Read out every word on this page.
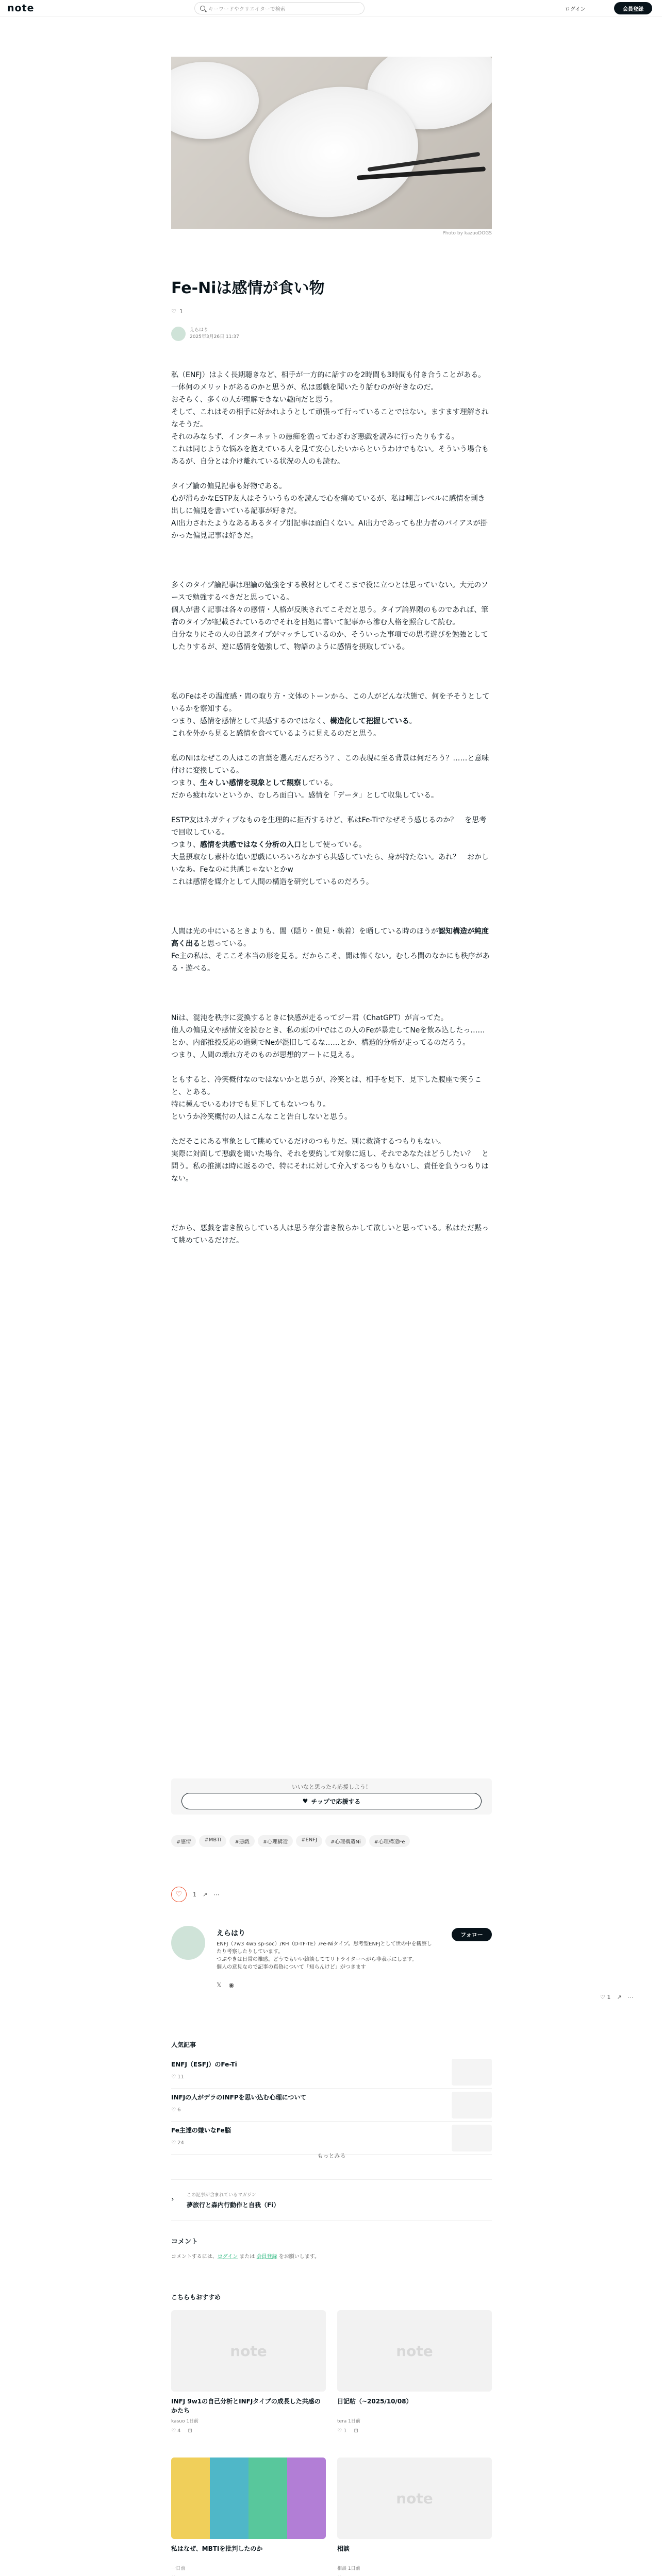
note	キーワードやクリエイターで検索	ログイン	会員登録
Photo by kazuoDOGS
Fe-Niは感情が食い物
♡ 1
えらはり
2025年3月26日 11:37

私（ENFJ）はよく長期聴きなど、相手が一方的に話すのを2時間も3時間も付き合うことがある。一体何のメリットがあるのかと思うが、私は悪戯を聞いたり話むのが好きなのだ。
おそらく、多くの人が理解できない趣向だと思う。
そして、これはその相手に好かれようとして頑張って行っていることではない。ますます理解されなそうだ。
それのみならず、インターネットの愚痴を漁ってわざわざ悪戯を読みに行ったりもする。
これは同じような悩みを抱えている人を見て安心したいからというわけでもない。そういう場合もあるが、自分とは介け離れている状況の人のも読む。

タイプ論の偏見記事も好物である。
心が滑らかなESTP友人はそういうものを読んで心を痛めているが、私は嘲言レベルに感情を剥き出しに偏見を書いている記事が好きだ。
AI出力されたようなあるあるタイプ別記事は面白くない。AI出力であっても出力者のバイアスが掛かった偏見記事は好きだ。

多くのタイプ論記事は理論の勉強をする教材としてそこまで役に立つとは思っていない。大元のソースで勉強するべきだと思っている。
個人が書く記事は各々の感情・人格が反映されてこそだと思う。タイプ論界隈のものであれば、筆者のタイプが記載されているのでそれを目処に書いて記事から滲む人格を照合して読む。
自分なりにその人の自認タイプがマッチしているのか、そういった事項での思考遊びを勉強としてしたりするが、逆に感情を勉強して、物語のように感情を摂取している。

私のFeはその温度感・間の取り方・文体のトーンから、この人がどんな状態で、何を予そうとしているかを察知する。
つまり、感情を感情として共感するのではなく、構造化して把握している。
これを外から見ると感情を食べているように見えるのだと思う。

私のNiはなぜこの人はこの言葉を選んだんだろう？、この表現に至る背景は何だろう？……と意味付けに変換している。
つまり、生々しい感情を現象として観察している。
だから疲れないというか、むしろ面白い。感情を「データ」として収集している。

ESTP友はネガティブなものを生理的に拒否するけど、私はFe-Tiでなぜそう感じるのか？　を思考で回収している。
つまり、感情を共感ではなく分析の入口として使っている。
大量摂取なし素朴な追い悪戯にいろいろなかすら共感していたら、身が持たない。あれ？　おかしいなあ。Feなのに共感じゃないとかw
これは感情を媒介として人間の構造を研究しているのだろう。

人間は光の中にいるときよりも、闇（隠り・偏見・執着）を晒している時のほうが認知構造が純度高く出ると思っている。
Fe主の私は、そここそ本当の形を見る。だからこそ、闇は怖くない。むしろ闇のなかにも秩序がある・遊べる。

Niは、混沌を秩序に変換するときに快感が走るってジー君（ChatGPT）が言ってた。
他人の偏見文や感情文を読むとき、私の頭の中ではこの人のFeが暴走してNeを飲み込したっ……とか、内部推投反応の過剰でNeが混旧してるな……とか、構造的分析が走ってるのだろう。
つまり、人間の壊れ方そのものが思想的アートに見える。

ともすると、冷笑概付なのではないかと思うが、冷笑とは、相手を見下、見下した腹座で笑うこと、とある。
特に極んでいるわけでも見下してもないつもり。
というか冷笑概付の人はこんなこと告白しないと思う。

ただそこにある事象として眺めているだけのつもりだ。別に救済するつもりもない。
実際に対面して悪戯を聞いた場合、それを要約して対象に返し、それであなたはどうしたい？　と問う。私の推測は時に返るので、特にそれに対して介入するつもりもないし、責任を負うつもりはない。

だから、悪戯を書き散らしている人は思う存分書き散らかして欲しいと思っている。私はただ黙って眺めているだけだ。

いいなと思ったら応援しよう！
♥ チップで応援する
#感情	#MBTI	#悪戯	#心理構造	#ENFJ	#心理構造Ni	#心理構造Fe
♡	1 ↗ ⋯
えらはり	フォロー
ENFJ（7w3 4w5 sp-soc）/RH（D-TF-TE）/Fe-Niタイプ。思考型ENFJとして世の中を観察したり考察したりしています。
つぶやきは日常の雑感。どうでもいい雑談しててリトライターへがら非表示にします。
個人の意見なので記事の真偽について「知らんけど」がつきます
𝕏 ◉
♡ 1 ↗ ⋯
人気記事
ENFJ（ESFJ）のFe-Ti
♡ 11
INFJの人がデラのINFPを思い込む心理について
♡ 6
Fe主達の嫌いなFe脳
♡ 24
もっとみる
›	この記事が含まれているマガジン
夢旅行と森内行動作と自我（Fi）
コメント
コメントするには、ログイン または 会員登録 をお願いします。
こちらもおすすめ
note
INFJ 9w1の自己分析とINFJタイプの成長した共感のかたち
kasuo 1日前
♡ 4 ⊡
note
日記帖（~2025/10/08）
tera 1日前
♡ 1 ⊡
私はなぜ、MBTIを批判したのか
一日前
note
相談
相談 1日前
